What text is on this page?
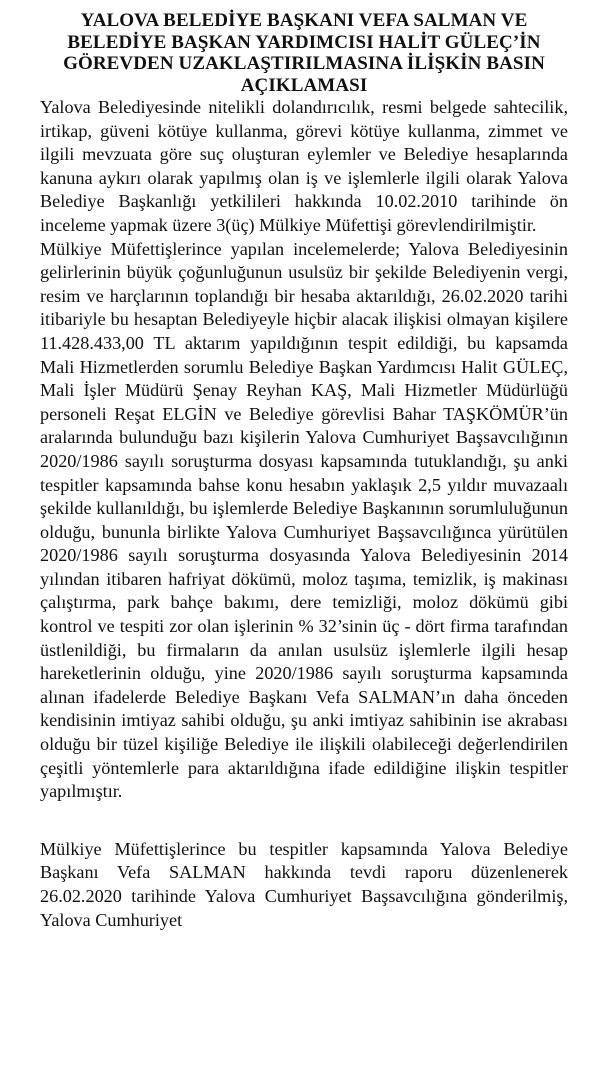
YALOVA BELEDİYE BAŞKANI VEFA SALMAN VE BELEDİYE BAŞKAN YARDIMCISI HALİT GÜLEÇ’İN GÖREVDEN UZAKLAŞTIRILMASINA İLİŞKİN BASIN AÇIKLAMASI

Yalova Belediyesinde nitelikli dolandırıcılık, resmi belgede sahtecilik, irtikap, güveni kötüye kullanma, görevi kötüye kullanma, zimmet ve ilgili mevzuata göre suç oluşturan eylemler ve Belediye hesaplarında kanuna aykırı olarak yapılmış olan iş ve işlemlerle ilgili olarak Yalova Belediye Başkanlığı yetkilileri hakkında 10.02.2010 tarihinde ön inceleme yapmak üzere 3(üç) Mülkiye Müfettişi görevlendirilmiştir.

Mülkiye Müfettişlerince yapılan incelemelerde; Yalova Belediyesinin gelirlerinin büyük çoğunluğunun usulsüz bir şekilde Belediyenin vergi, resim ve harçlarının toplandığı bir hesaba aktarıldığı, 26.02.2020 tarihi itibariyle bu hesaptan Belediyeyle hiçbir alacak ilişkisi olmayan kişilere 11.428.433,00 TL aktarım yapıldığının tespit edildiği, bu kapsamda Mali Hizmetlerden sorumlu Belediye Başkan Yardımcısı Halit GÜLEÇ, Mali İşler Müdürü Şenay Reyhan KAŞ, Mali Hizmetler Müdürlüğü personeli Reşat ELGİN ve Belediye görevlisi Bahar TAŞKÖMÜR’ün aralarında bulunduğu bazı kişilerin Yalova Cumhuriyet Başsavcılığının 2020/1986 sayılı soruşturma dosyası kapsamında tutuklandığı, şu anki tespitler kapsamında bahse konu hesabın yaklaşık 2,5 yıldır muvazaalı şekilde kullanıldığı, bu işlemlerde Belediye Başkanının sorumluluğunun olduğu, bununla birlikte Yalova Cumhuriyet Başsavcılığınca yürütülen 2020/1986 sayılı soruşturma dosyasında Yalova Belediyesinin 2014 yılından itibaren hafriyat dökümü, moloz taşıma, temizlik, iş makinası çalıştırma, park bahçe bakımı, dere temizliği, moloz dökümü gibi kontrol ve tespiti zor olan işlerinin % 32’sinin üç - dört firma tarafından üstlenildiği, bu firmaların da anılan usulsüz işlemlerle ilgili hesap hareketlerinin olduğu, yine 2020/1986 sayılı soruşturma kapsamında alınan ifadelerde Belediye Başkanı Vefa SALMAN’ın daha önceden kendisinin imtiyaz sahibi olduğu, şu anki imtiyaz sahibinin ise akrabası olduğu bir tüzel kişiliğe Belediye ile ilişkili olabileceği değerlendirilen çeşitli yöntemlerle para aktarıldığına ifade edildiğine ilişkin tespitler yapılmıştır.

Mülkiye Müfettişlerince bu tespitler kapsamında Yalova Belediye Başkanı Vefa SALMAN hakkında tevdi raporu düzenlenerek 26.02.2020 tarihinde Yalova Cumhuriyet Başsavcılığına gönderilmiş, Yalova Cumhuriyet
